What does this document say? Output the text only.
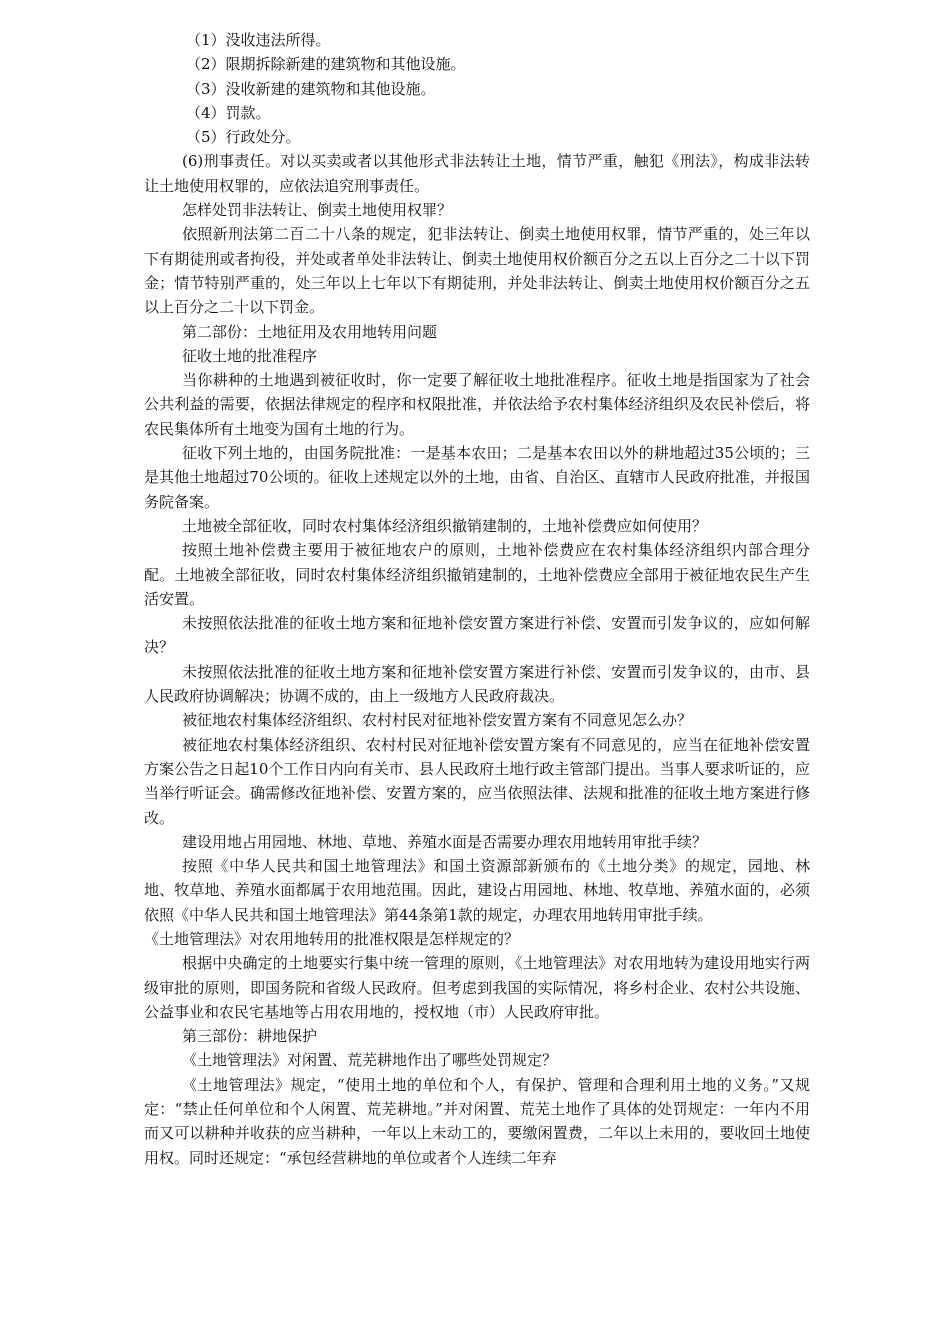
（1）没收违法所得。

（2）限期拆除新建的建筑物和其他设施。

（3）没收新建的建筑物和其他设施。

（4）罚款。

（5）行政处分。

(6)刑事责任。对以买卖或者以其他形式非法转让土地，情节严重，触犯《刑法》，构成非法转让土地使用权罪的，应依法追究刑事责任。

怎样处罚非法转让、倒卖土地使用权罪？

依照新刑法第二百二十八条的规定，犯非法转让、倒卖土地使用权罪，情节严重的，处三年以下有期徒刑或者拘役，并处或者单处非法转让、倒卖土地使用权价额百分之五以上百分之二十以下罚金；情节特别严重的，处三年以上七年以下有期徒刑，并处非法转让、倒卖土地使用权价额百分之五以上百分之二十以下罚金。

第二部份：土地征用及农用地转用问题

征收土地的批准程序

当你耕种的土地遇到被征收时，你一定要了解征收土地批准程序。征收土地是指国家为了社会公共利益的需要，依据法律规定的程序和权限批准，并依法给予农村集体经济组织及农民补偿后，将农民集体所有土地变为国有土地的行为。

征收下列土地的，由国务院批准：一是基本农田；二是基本农田以外的耕地超过35公顷的；三是其他土地超过70公顷的。征收上述规定以外的土地，由省、自治区、直辖市人民政府批准，并报国务院备案。

土地被全部征收，同时农村集体经济组织撤销建制的，土地补偿费应如何使用？

按照土地补偿费主要用于被征地农户的原则，土地补偿费应在农村集体经济组织内部合理分配。土地被全部征收，同时农村集体经济组织撤销建制的，土地补偿费应全部用于被征地农民生产生活安置。

未按照依法批准的征收土地方案和征地补偿安置方案进行补偿、安置而引发争议的，应如何解决？

未按照依法批准的征收土地方案和征地补偿安置方案进行补偿、安置而引发争议的，由市、县人民政府协调解决；协调不成的，由上一级地方人民政府裁决。

被征地农村集体经济组织、农村村民对征地补偿安置方案有不同意见怎么办？

被征地农村集体经济组织、农村村民对征地补偿安置方案有不同意见的，应当在征地补偿安置方案公告之日起10个工作日内向有关市、县人民政府土地行政主管部门提出。当事人要求听证的，应当举行听证会。确需修改征地补偿、安置方案的，应当依照法律、法规和批准的征收土地方案进行修改。

建设用地占用园地、林地、草地、养殖水面是否需要办理农用地转用审批手续？

按照《中华人民共和国土地管理法》和国土资源部新颁布的《土地分类》的规定，园地、林地、牧草地、养殖水面都属于农用地范围。因此，建设占用园地、林地、牧草地、养殖水面的，必须依照《中华人民共和国土地管理法》第44条第1款的规定，办理农用地转用审批手续。

《土地管理法》对农用地转用的批准权限是怎样规定的？

根据中央确定的土地要实行集中统一管理的原则，《土地管理法》对农用地转为建设用地实行两级审批的原则，即国务院和省级人民政府。但考虑到我国的实际情况，将乡村企业、农村公共设施、公益事业和农民宅基地等占用农用地的，授权地（市）人民政府审批。

第三部份：耕地保护

《土地管理法》对闲置、荒芜耕地作出了哪些处罚规定？

《土地管理法》规定，“使用土地的单位和个人，有保护、管理和合理利用土地的义务。”又规定：“禁止任何单位和个人闲置、荒芜耕地。”并对闲置、荒芜土地作了具体的处罚规定：一年内不用而又可以耕种并收获的应当耕种，一年以上未动工的，要缴闲置费，二年以上未用的，要收回土地使用权。同时还规定：“承包经营耕地的单位或者个人连续二年弃
